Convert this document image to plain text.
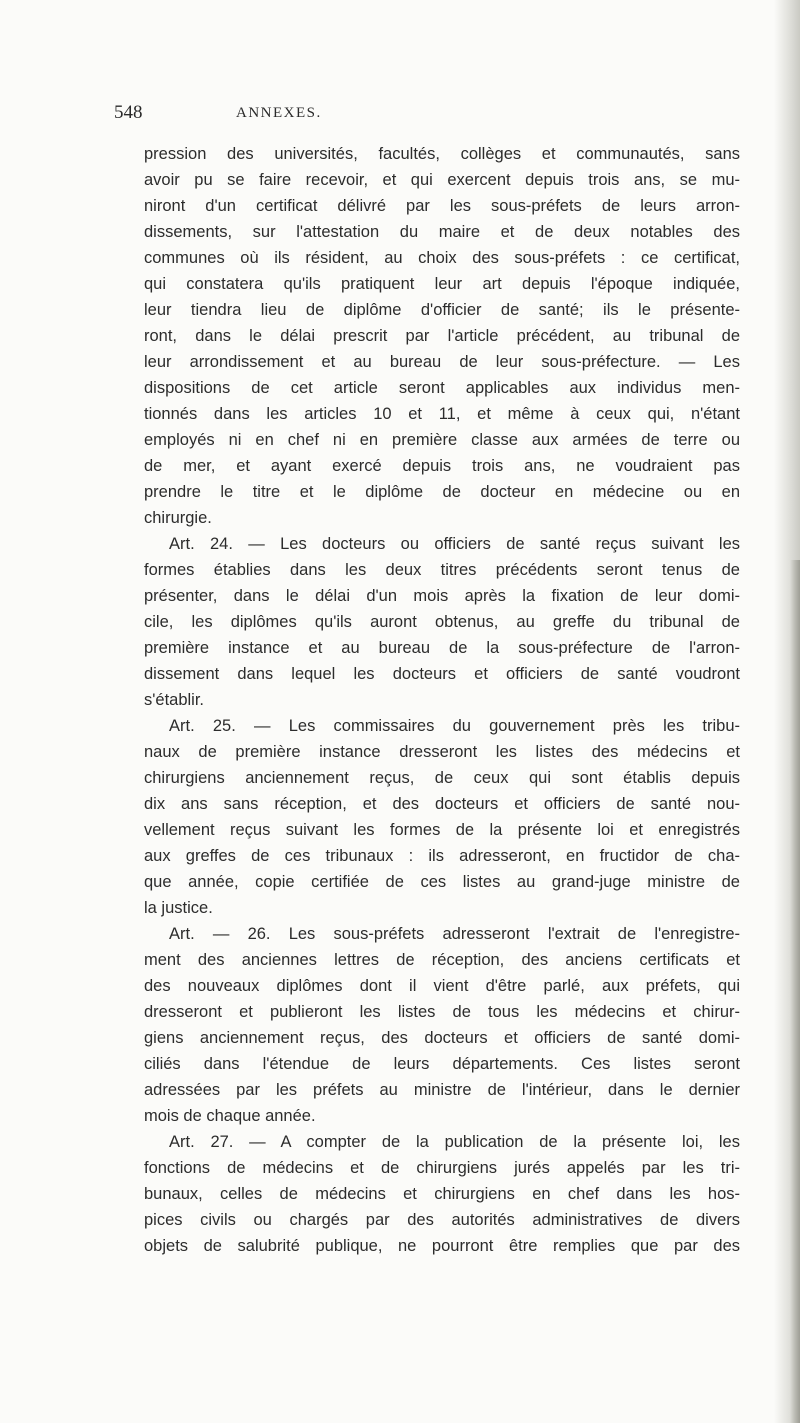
548	ANNEXES.
pression des universités, facultés, collèges et communautés, sans
avoir pu se faire recevoir, et qui exercent depuis trois ans, se mu-
niront d'un certificat délivré par les sous-préfets de leurs arron-
dissements, sur l'attestation du maire et de deux notables des
communes où ils résident, au choix des sous-préfets : ce certificat,
qui constatera qu'ils pratiquent leur art depuis l'époque indiquée,
leur tiendra lieu de diplôme d'officier de santé; ils le présente-
ront, dans le délai prescrit par l'article précédent, au tribunal de
leur arrondissement et au bureau de leur sous-préfecture. — Les
dispositions de cet article seront applicables aux individus men-
tionnés dans les articles 10 et 11, et même à ceux qui, n'étant
employés ni en chef ni en première classe aux armées de terre ou
de mer, et ayant exercé depuis trois ans, ne voudraient pas
prendre le titre et le diplôme de docteur en médecine ou en
chirurgie.
Art. 24. — Les docteurs ou officiers de santé reçus suivant les
formes établies dans les deux titres précédents seront tenus de
présenter, dans le délai d'un mois après la fixation de leur domi-
cile, les diplômes qu'ils auront obtenus, au greffe du tribunal de
première instance et au bureau de la sous-préfecture de l'arron-
dissement dans lequel les docteurs et officiers de santé voudront
s'établir.
Art. 25. — Les commissaires du gouvernement près les tribu-
naux de première instance dresseront les listes des médecins et
chirurgiens anciennement reçus, de ceux qui sont établis depuis
dix ans sans réception, et des docteurs et officiers de santé nou-
vellement reçus suivant les formes de la présente loi et enregistrés
aux greffes de ces tribunaux : ils adresseront, en fructidor de cha-
que année, copie certifiée de ces listes au grand-juge ministre de
la justice.
Art. — 26. Les sous-préfets adresseront l'extrait de l'enregistre-
ment des anciennes lettres de réception, des anciens certificats et
des nouveaux diplômes dont il vient d'être parlé, aux préfets, qui
dresseront et publieront les listes de tous les médecins et chirur-
giens anciennement reçus, des docteurs et officiers de santé domi-
ciliés dans l'étendue de leurs départements. Ces listes seront
adressées par les préfets au ministre de l'intérieur, dans le dernier
mois de chaque année.
Art. 27. — A compter de la publication de la présente loi, les
fonctions de médecins et de chirurgiens jurés appelés par les tri-
bunaux, celles de médecins et chirurgiens en chef dans les hos-
pices civils ou chargés par des autorités administratives de divers
objets de salubrité publique, ne pourront être remplies que par des
